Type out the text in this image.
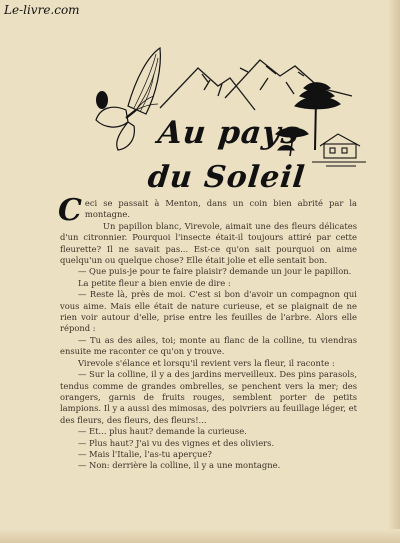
Le-livre.com
Au pays
du Soleil

Ceci se passait à Menton, dans un coin bien abrité par la montagne.

Un papillon blanc, Virevole, aimait une des fleurs délicates d'un citronnier. Pourquoi l'insecte était-il toujours attiré par cette fleurette? Il ne savait pas... Est-ce qu'on sait pourquoi on aime quelqu'un ou quelque chose? Elle était jolie et elle sentait bon.

— Que puis-je pour te faire plaisir? demande un jour le papillon.

La petite fleur a bien envie de dire :

— Reste là, près de moi. C'est si bon d'avoir un compagnon qui vous aime. Mais elle était de nature curieuse, et se plaignait de ne rien voir autour d'elle, prise entre les feuilles de l'arbre. Alors elle répond :

— Tu as des ailes, toi; monte au flanc de la colline, tu viendras ensuite me raconter ce qu'on y trouve.

Virevole s'élance et lorsqu'il revient vers la fleur, il raconte :

— Sur la colline, il y a des jardins merveilleux. Des pins parasols, tendus comme de grandes ombrelles, se penchent vers la mer; des orangers, garnis de fruits rouges, semblent porter de petits lampions. Il y a aussi des mimosas, des poivriers au feuillage léger, et des fleurs, des fleurs, des fleurs!...

— Et... plus haut? demande la curieuse.

— Plus haut? J'ai vu des vignes et des oliviers.

— Mais l'Italie, l'as-tu aperçue?

— Non: derrière la colline, il y a une montagne.
